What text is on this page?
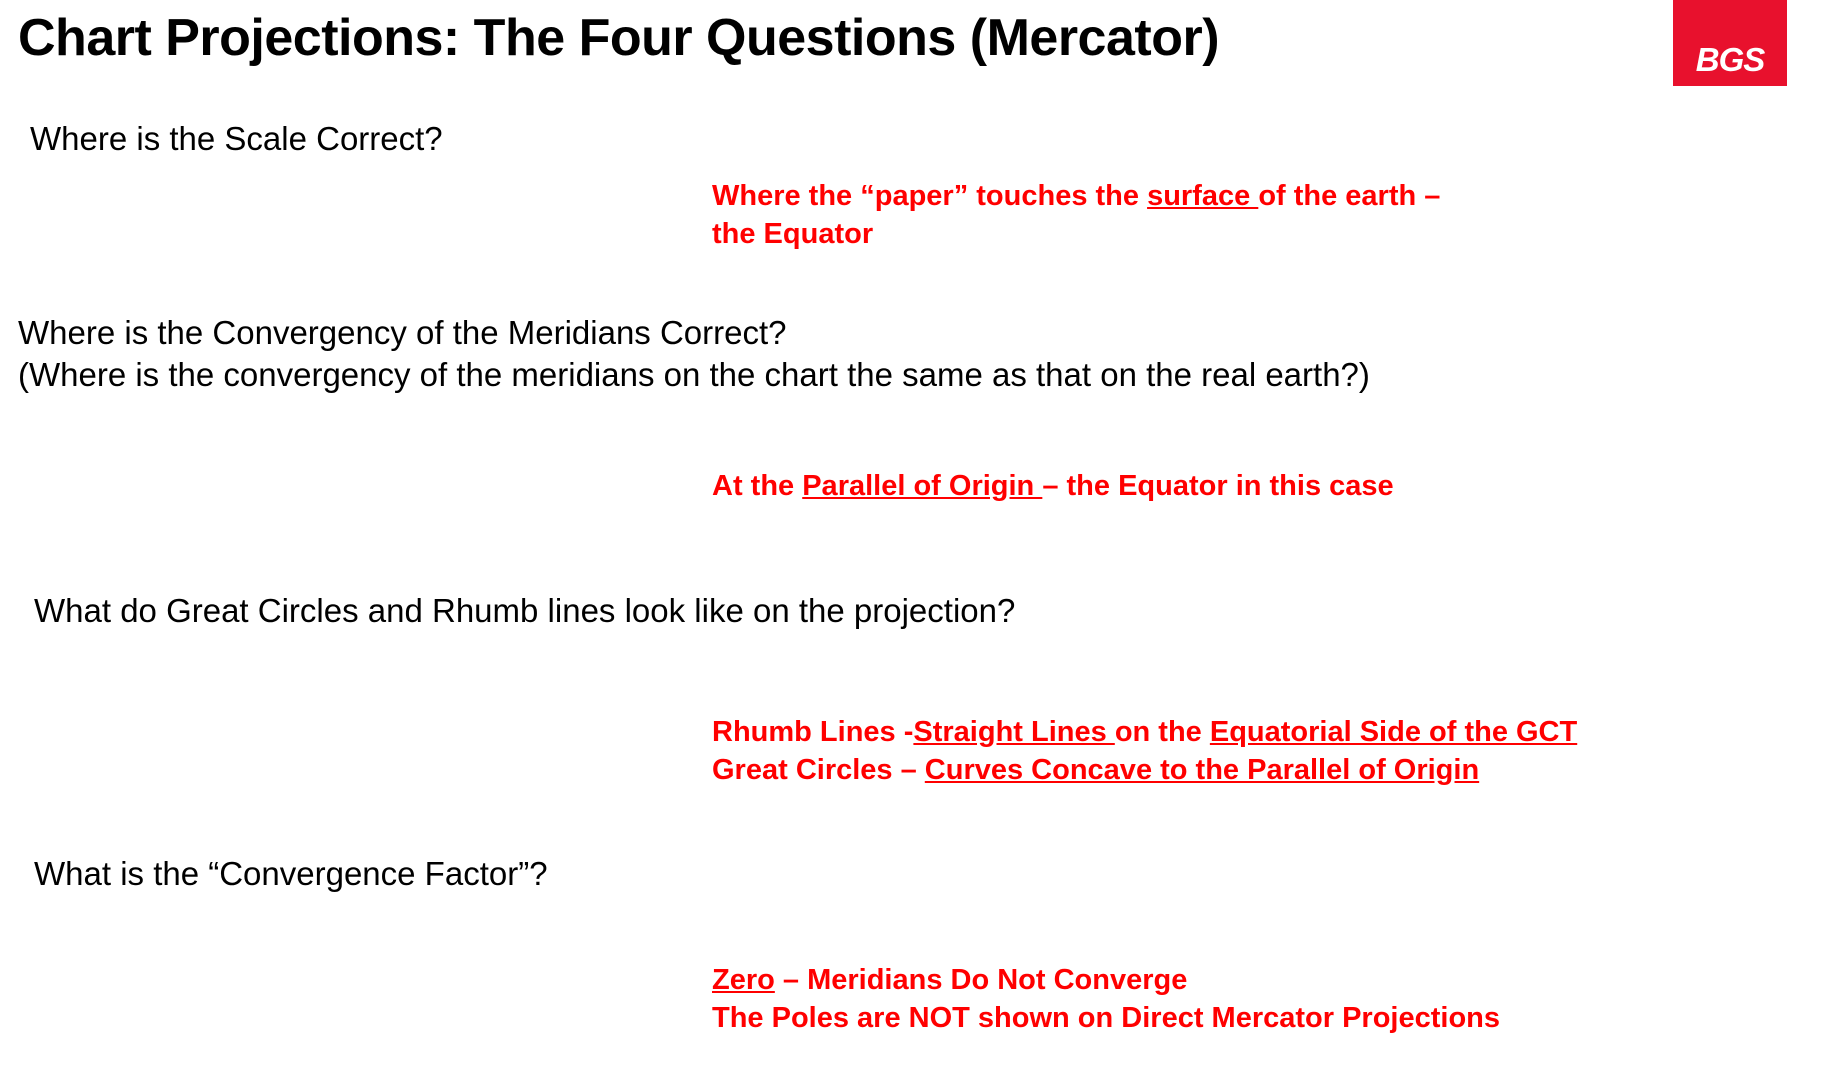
Chart Projections: The Four Questions (Mercator)	BGS
Where is the Scale Correct?
Where the “paper” touches the surface of the earth –
the Equator
Where is the Convergency of the Meridians Correct?
(Where is the convergency of the meridians on the chart the same as that on the real earth?)
At the Parallel of Origin – the Equator in this case
What do Great Circles and Rhumb lines look like on the projection?
Rhumb Lines -Straight Lines on the Equatorial Side of the GCT
Great Circles – Curves Concave to the Parallel of Origin
What is the “Convergence Factor”?
Zero – Meridians Do Not Converge
The Poles are NOT shown on Direct Mercator Projections
